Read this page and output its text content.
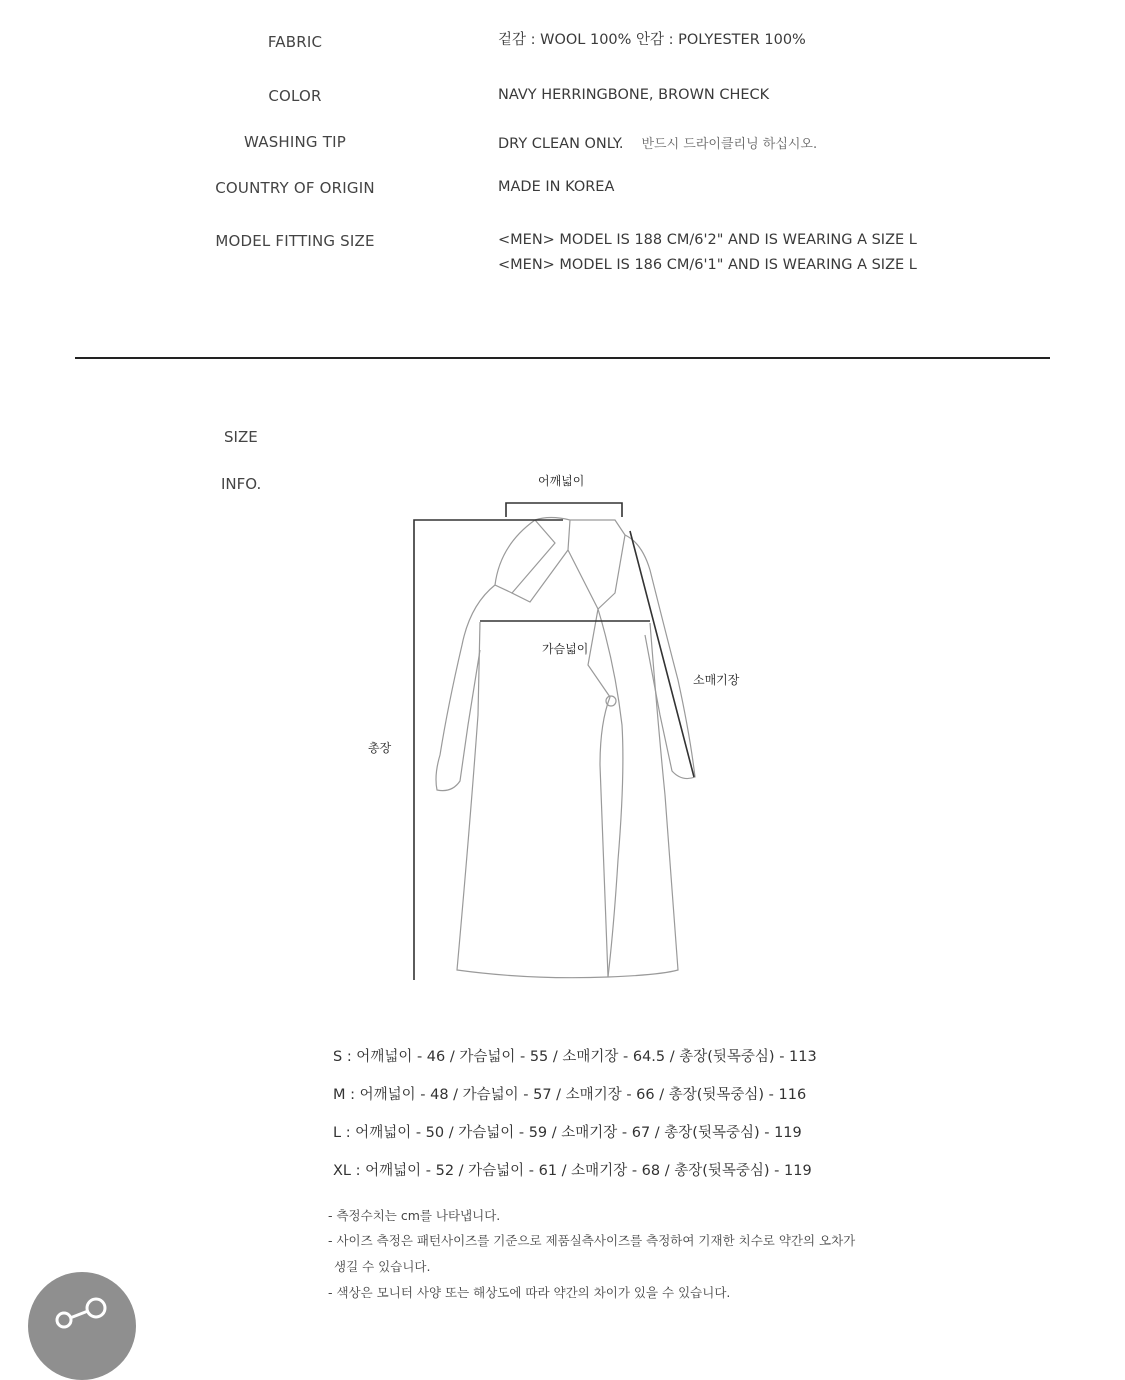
FABRIC	겉감 : WOOL 100% 안감 : POLYESTER 100%
COLOR	NAVY HERRINGBONE, BROWN CHECK
WASHING TIP	DRY CLEAN ONLY. 반드시 드라이클리닝 하십시오.
COUNTRY OF ORIGIN	MADE IN KOREA
MODEL FITTING SIZE	<MEN> MODEL IS 188 CM/6'2" AND IS WEARING A SIZE L
<MEN> MODEL IS 186 CM/6'1" AND IS WEARING A SIZE L
SIZE
INFO.	어깨넓이
가슴넓이
소매기장
총장
S : 어깨넓이 - 46 / 가슴넓이 - 55 / 소매기장 - 64.5 / 총장(뒷목중심) - 113
M : 어깨넓이 - 48 / 가슴넓이 - 57 / 소매기장 - 66 / 총장(뒷목중심) - 116
L : 어깨넓이 - 50 / 가슴넓이 - 59 / 소매기장 - 67 / 총장(뒷목중심) - 119
XL : 어깨넓이 - 52 / 가슴넓이 - 61 / 소매기장 - 68 / 총장(뒷목중심) - 119
- 측정수치는 cm를 나타냅니다.
- 사이즈 측정은 패턴사이즈를 기준으로 제품실측사이즈를 측정하여 기재한 치수로 약간의 오차가
생길 수 있습니다.
- 색상은 모니터 사양 또는 해상도에 따라 약간의 차이가 있을 수 있습니다.
